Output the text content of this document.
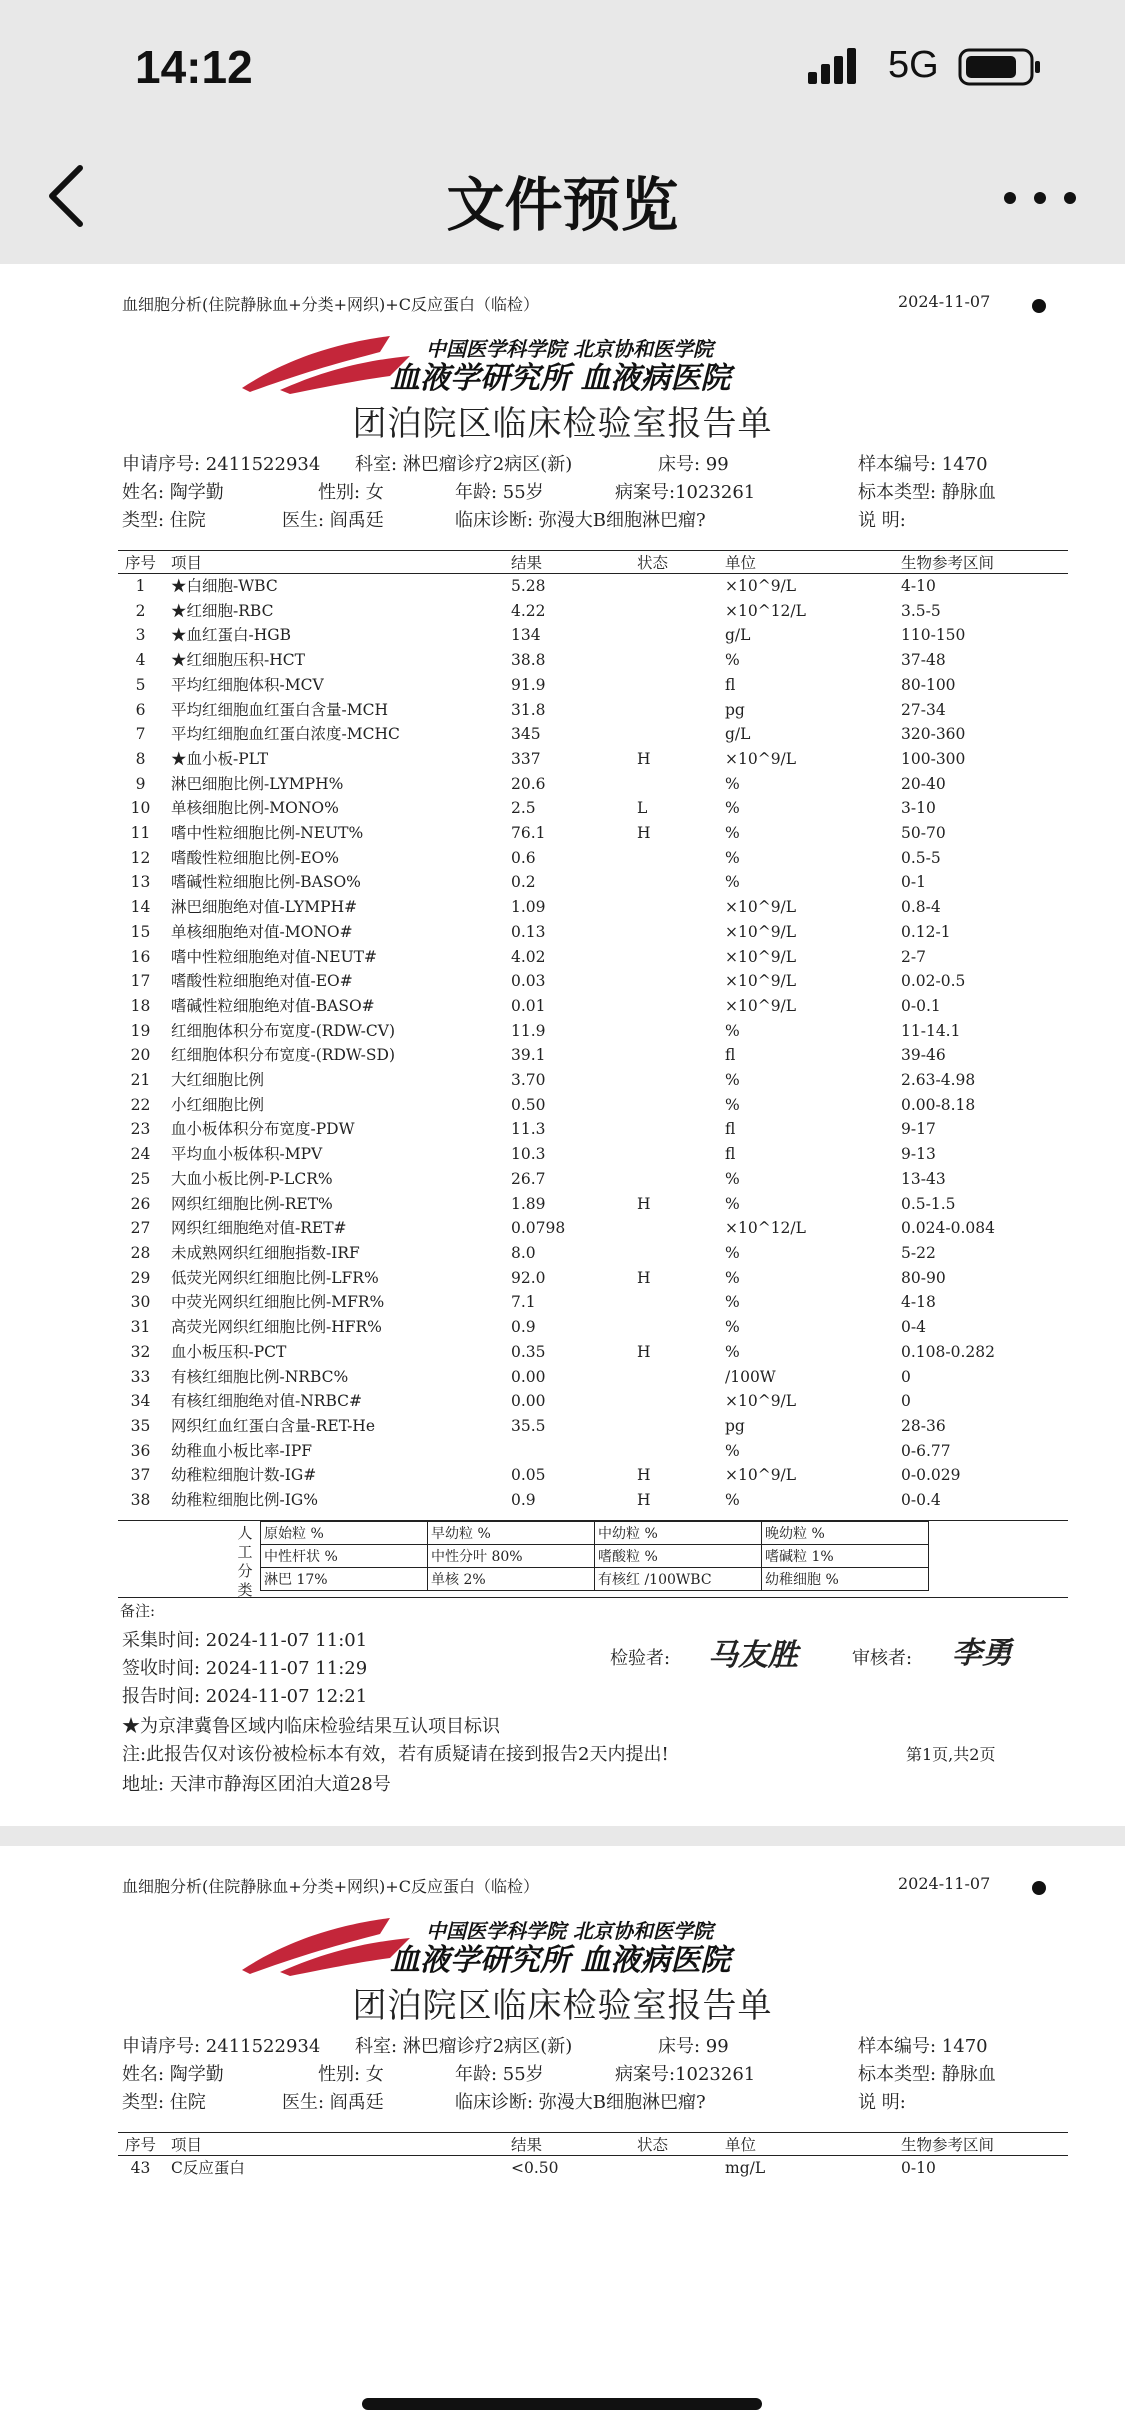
14:12	5G
文件预览
血细胞分析(住院静脉血+分类+网织)+C反应蛋白（临检）	2024-11-07
中国医学科学院 北京协和医学院
血液学研究所 血液病医院
团泊院区临床检验室报告单
申请序号: 2411522934 科室: 淋巴瘤诊疗2病区(新)	床号: 99	样本编号: 1470
姓名: 陶学勤	性别: 女	年龄: 55岁	病案号:1023261	标本类型: 静脉血
类型: 住院	医生: 阎禹廷	临床诊断: 弥漫大B细胞淋巴瘤?	说 明:
序号	项目	结果	状态	单位	生物参考区间
1	★白细胞-WBC	5.28		×10^9/L	4-10
2	★红细胞-RBC	4.22		×10^12/L	3.5-5
3	★血红蛋白-HGB	134		g/L	110-150
4	★红细胞压积-HCT	38.8		%	37-48
5	平均红细胞体积-MCV	91.9		fl	80-100
6	平均红细胞血红蛋白含量-MCH	31.8		pg	27-34
7	平均红细胞血红蛋白浓度-MCHC	345		g/L	320-360
8	★血小板-PLT	337	H	×10^9/L	100-300
9	淋巴细胞比例-LYMPH%	20.6		%	20-40
10	单核细胞比例-MONO%	2.5	L	%	3-10
11	嗜中性粒细胞比例-NEUT%	76.1	H	%	50-70
12	嗜酸性粒细胞比例-EO%	0.6		%	0.5-5
13	嗜碱性粒细胞比例-BASO%	0.2		%	0-1
14	淋巴细胞绝对值-LYMPH#	1.09		×10^9/L	0.8-4
15	单核细胞绝对值-MONO#	0.13		×10^9/L	0.12-1
16	嗜中性粒细胞绝对值-NEUT#	4.02		×10^9/L	2-7
17	嗜酸性粒细胞绝对值-EO#	0.03		×10^9/L	0.02-0.5
18	嗜碱性粒细胞绝对值-BASO#	0.01		×10^9/L	0-0.1
19	红细胞体积分布宽度-(RDW-CV)	11.9		%	11-14.1
20	红细胞体积分布宽度-(RDW-SD)	39.1		fl	39-46
21	大红细胞比例	3.70		%	2.63-4.98
22	小红细胞比例	0.50		%	0.00-8.18
23	血小板体积分布宽度-PDW	11.3		fl	9-17
24	平均血小板体积-MPV	10.3		fl	9-13
25	大血小板比例-P-LCR%	26.7		%	13-43
26	网织红细胞比例-RET%	1.89	H	%	0.5-1.5
27	网织红细胞绝对值-RET#	0.0798		×10^12/L	0.024-0.084
28	未成熟网织红细胞指数-IRF	8.0		%	5-22
29	低荧光网织红细胞比例-LFR%	92.0	H	%	80-90
30	中荧光网织红细胞比例-MFR%	7.1		%	4-18
31	高荧光网织红细胞比例-HFR%	0.9		%	0-4
32	血小板压积-PCT	0.35	H	%	0.108-0.282
33	有核红细胞比例-NRBC%	0.00		/100W	0
34	有核红细胞绝对值-NRBC#	0.00		×10^9/L	0
35	网织红血红蛋白含量-RET-He	35.5		pg	28-36
36	幼稚血小板比率-IPF			%	0-6.77
37	幼稚粒细胞计数-IG#	0.05	H	×10^9/L	0-0.029
38	幼稚粒细胞比例-IG%	0.9	H	%	0-0.4
人工分类
	原始粒 %	早幼粒 %	中幼粒 %	晚幼粒 %
	中性杆状 %	中性分叶 80%	嗜酸粒 %	嗜碱粒 1%
	淋巴 17%	单核 2%	有核红 /100WBC	幼稚细胞 %
备注:
采集时间: 2024-11-07 11:01
签收时间: 2024-11-07 11:29
报告时间: 2024-11-07 12:21
检验者: 马友胜	审核者: 李勇
★为京津冀鲁区域内临床检验结果互认项目标识
注:此报告仅对该份被检标本有效，若有质疑请在接到报告2天内提出!	第1页,共2页
地址: 天津市静海区团泊大道28号
血细胞分析(住院静脉血+分类+网织)+C反应蛋白（临检）	2024-11-07
中国医学科学院 北京协和医学院
血液学研究所 血液病医院
团泊院区临床检验室报告单
申请序号: 2411522934 科室: 淋巴瘤诊疗2病区(新)	床号: 99	样本编号: 1470
姓名: 陶学勤	性别: 女	年龄: 55岁	病案号:1023261	标本类型: 静脉血
类型: 住院	医生: 阎禹廷	临床诊断: 弥漫大B细胞淋巴瘤?	说 明:
序号	项目	结果	状态	单位	生物参考区间
43	C反应蛋白	<0.50		mg/L	0-10
